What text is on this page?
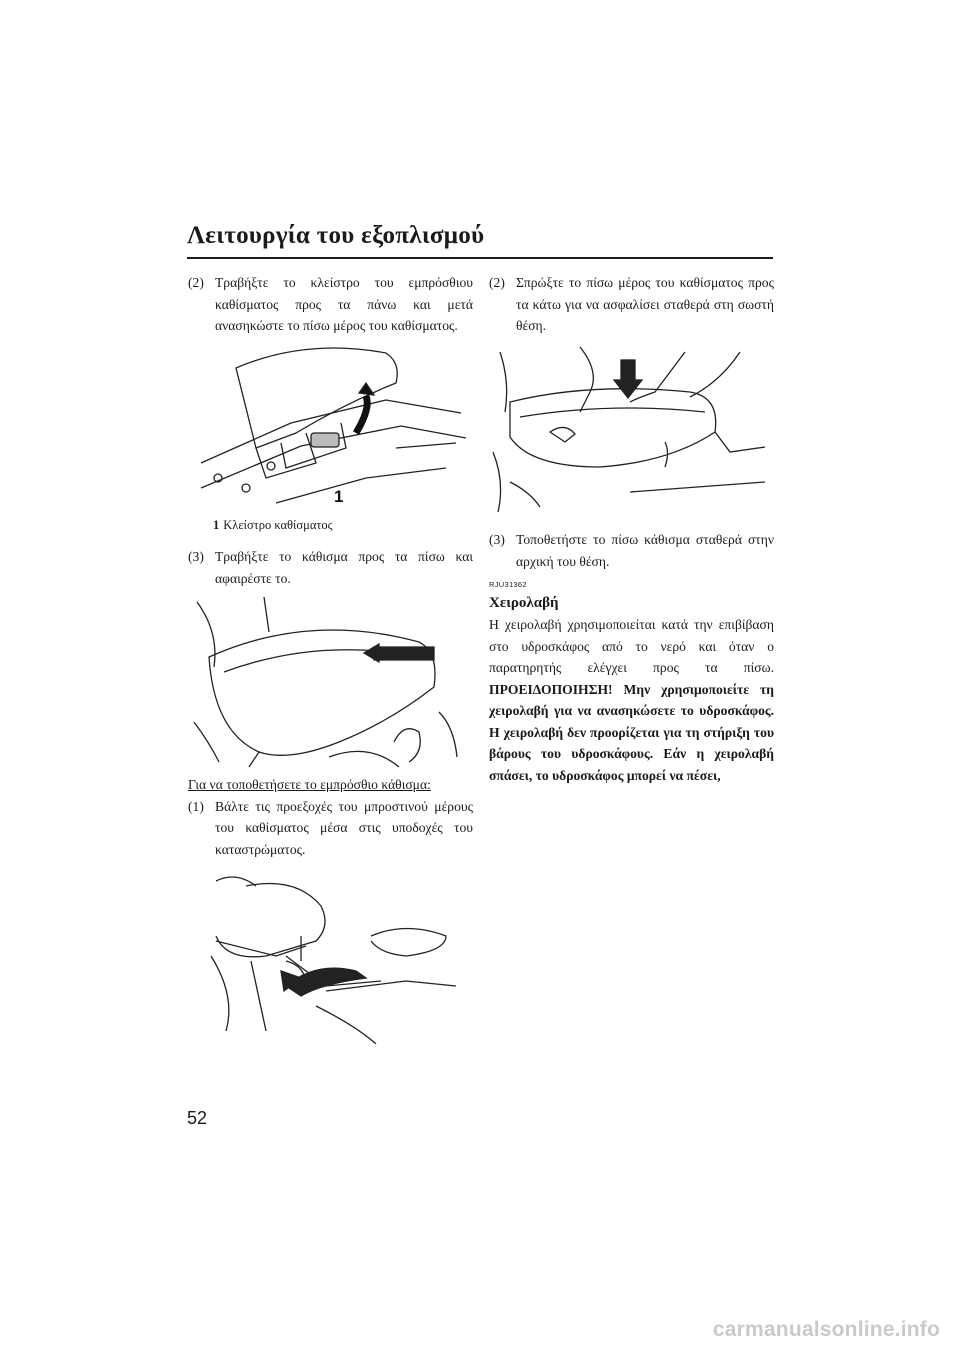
Λειτουργία του εξοπλισμού
(2) Τραβήξτε το κλείστρο του εμπρόσθιου καθίσματος προς τα πάνω και μετά ανασηκώστε το πίσω μέρος του καθίσματος.
1
1 Κλείστρο καθίσματος
(3) Τραβήξτε το κάθισμα προς τα πίσω και αφαιρέστε το.
Για να τοποθετήσετε το εμπρόσθιο κάθισμα:
(1) Βάλτε τις προεξοχές του μπροστινού μέρους του καθίσματος μέσα στις υποδοχές του καταστρώματος.
(2) Σπρώξτε το πίσω μέρος του καθίσματος προς τα κάτω για να ασφαλίσει σταθερά στη σωστή θέση.
(3) Τοποθετήστε το πίσω κάθισμα σταθερά στην αρχική του θέση.
RJU31362
Χειρολαβή
Η χειρολαβή χρησιμοποιείται κατά την επιβίβαση στο υδροσκάφος από το νερό και όταν ο παρατηρητής ελέγχει προς τα πίσω. ΠΡΟΕΙΔΟΠΟΙΗΣΗ! Μην χρησιμοποιείτε τη χειρολαβή για να ανασηκώσετε το υδροσκάφος. Η χειρολαβή δεν προορίζεται για τη στήριξη του βάρους του υδροσκάφους. Εάν η χειρολαβή σπάσει, το υδροσκάφος μπορεί να πέσει,
52
carmanualsonline.info
